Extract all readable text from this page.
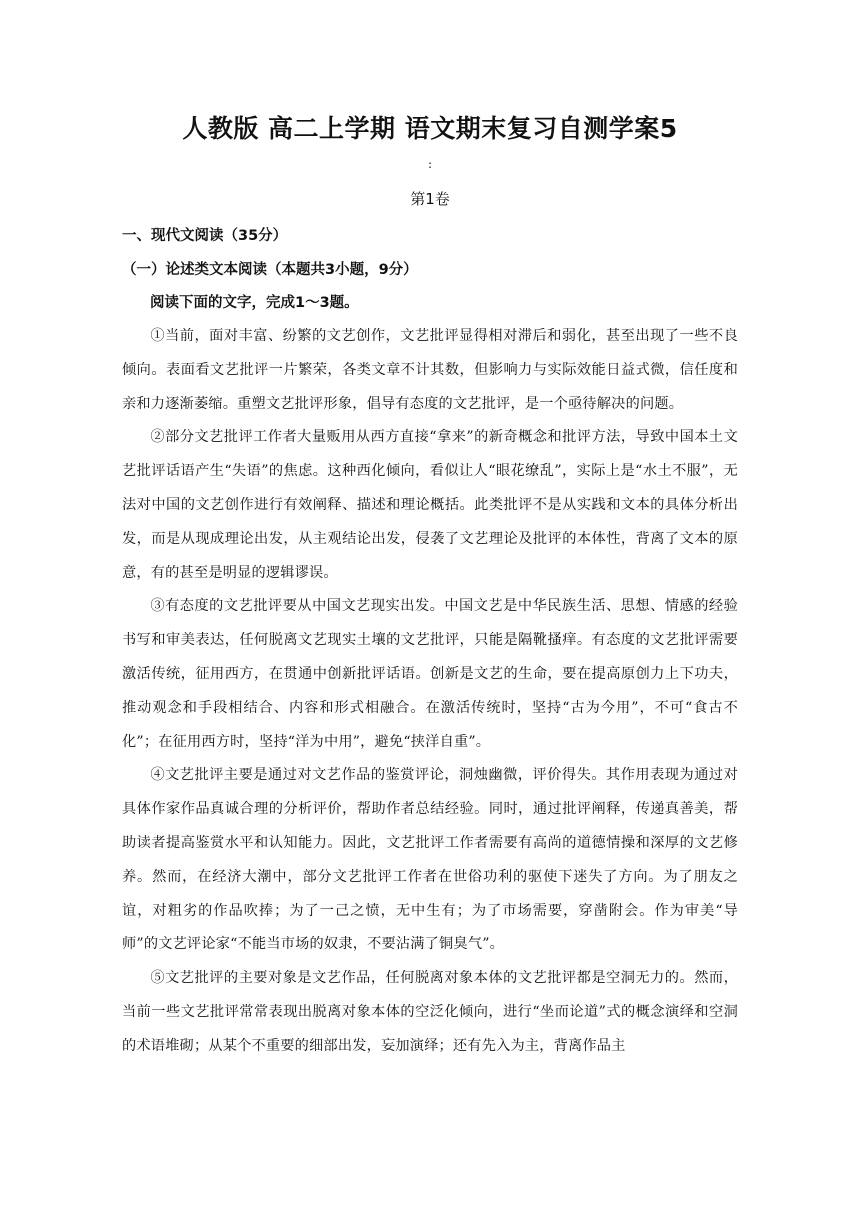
人教版 高二上学期 语文期末复习自测学案5
:
第1卷
一、现代文阅读（35分）
（一）论述类文本阅读（本题共3小题，9分）
阅读下面的文字，完成1～3题。

①当前，面对丰富、纷繁的文艺创作，文艺批评显得相对滞后和弱化，甚至出现了一些不良倾向。表面看文艺批评一片繁荣，各类文章不计其数，但影响力与实际效能日益式微，信任度和亲和力逐渐萎缩。重塑文艺批评形象，倡导有态度的文艺批评，是一个亟待解决的问题。

②部分文艺批评工作者大量贩用从西方直接“拿来”的新奇概念和批评方法，导致中国本土文艺批评话语产生“失语”的焦虑。这种西化倾向，看似让人“眼花缭乱”，实际上是“水土不服”，无法对中国的文艺创作进行有效阐释、描述和理论概括。此类批评不是从实践和文本的具体分析出发，而是从现成理论出发，从主观结论出发，侵袭了文艺理论及批评的本体性，背离了文本的原意，有的甚至是明显的逻辑谬误。

③有态度的文艺批评要从中国文艺现实出发。中国文艺是中华民族生活、思想、情感的经验书写和审美表达，任何脱离文艺现实土壤的文艺批评，只能是隔靴搔痒。有态度的文艺批评需要激活传统，征用西方，在贯通中创新批评话语。创新是文艺的生命，要在提高原创力上下功夫，推动观念和手段相结合、内容和形式相融合。在激活传统时，坚持“古为今用”，不可“食古不化”；在征用西方时，坚持“洋为中用”，避免“挟洋自重”。

④文艺批评主要是通过对文艺作品的鉴赏评论，洞烛幽微，评价得失。其作用表现为通过对具体作家作品真诚合理的分析评价，帮助作者总结经验。同时，通过批评阐释，传递真善美，帮助读者提高鉴赏水平和认知能力。因此，文艺批评工作者需要有高尚的道德情操和深厚的文艺修养。然而，在经济大潮中，部分文艺批评工作者在世俗功利的驱使下迷失了方向。为了朋友之谊，对粗劣的作品吹捧；为了一己之愤，无中生有；为了市场需要，穿凿附会。作为审美“导师”的文艺评论家“不能当市场的奴隶，不要沾满了铜臭气”。

⑤文艺批评的主要对象是文艺作品，任何脱离对象本体的文艺批评都是空洞无力的。然而，当前一些文艺批评常常表现出脱离对象本体的空泛化倾向，进行“坐而论道”式的概念演绎和空洞的术语堆砌；从某个不重要的细部出发，妄加演绎；还有先入为主，背离作品主
